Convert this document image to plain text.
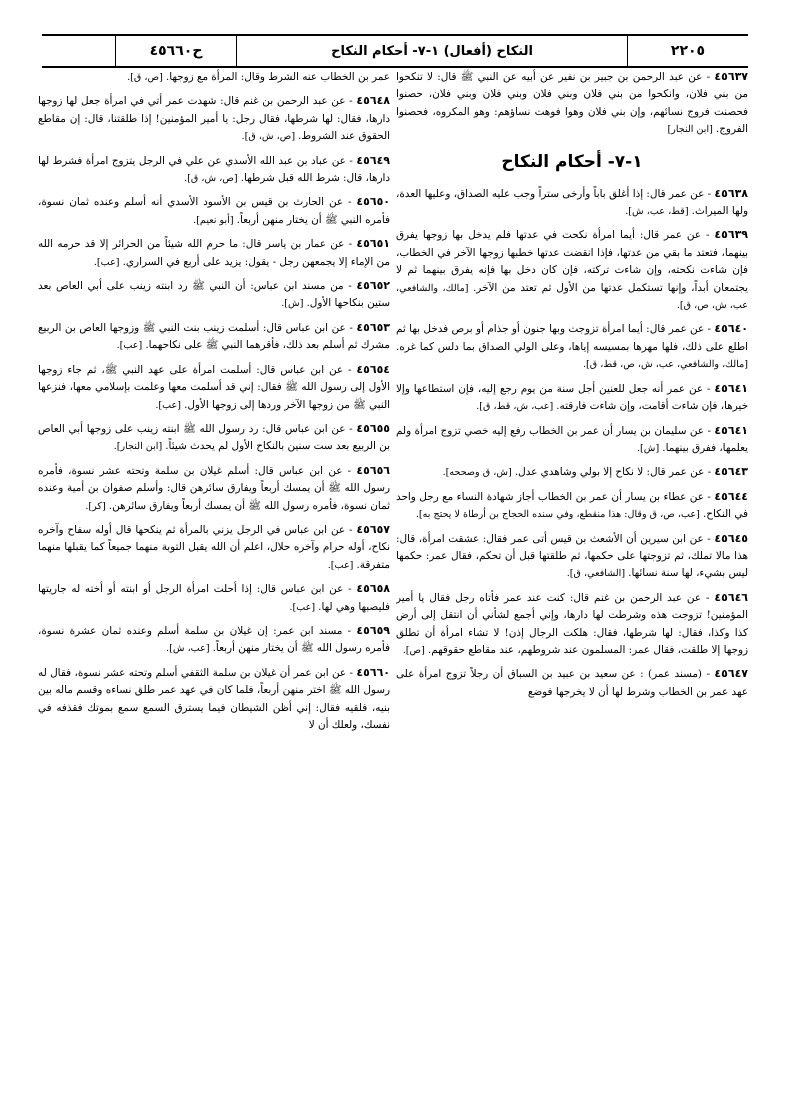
٢٢٠٥
النكاح (أفعال) ١-٧- أحكام النكاح
ح٤٥٦٦٠

٤٥٦٣٧ - عن عبد الرحمن بن جبير بن نفير عن أبيه عن النبي ﷺ قال: لا تنكحوا من بني فلان، وانكحوا من بني فلان وبني فلان وبني فلان وبني فلان، حصنوا فحصنت فروج نسائهم، وإن بني فلان وهوا فوهت نساؤهم: وهو المكروه، فحصنوا الفروج. [ابن النجار]

١-٧- أحكام النكاح

٤٥٦٣٨ - عن عمر قال: إذا أغلق باباً وأرخى ستراً وجب عليه الصداق، وعليها العدة، ولها الميراث. [قط، عب، ش].

٤٥٦٣٩ - عن عمر قال: أيما امرأة نكحت في عدتها فلم يدخل بها زوجها يفرق بينهما، فتعتد ما بقي من عدتها، فإذا انقضت عدتها خطبها زوجها الآخر في الخطاب، فإن شاءت نكحته، وإن شاءت تركته، فإن كان دخل بها فإنه يفرق بينهما ثم لا يجتمعان أبداً، وإنها تستكمل عدتها من الأول ثم تعتد من الآخر. [مالك، والشافعي، عب، ش، ص، ق].

٤٥٦٤٠ - عن عمر قال: أيما امرأة تزوجت وبها جنون أو جذام أو برص فدخل بها ثم اطلع على ذلك، فلها مهرها بمسيسه إياها، وعلى الولي الصداق بما دلس كما غره. [مالك، والشافعي، عب، ش، ص، قط، ق].

٤٥٦٤١ - عن عمر أنه جعل للعنين أجل سنة من يوم رجع إليه، فإن استطاعها وإلا خيرها، فإن شاءت أقامت، وإن شاءت فارقته. [عب، ش، قط، ق].

٤٥٦٤١ - عن سليمان بن يسار أن عمر بن الخطاب رفع إليه خصي تزوج امرأة ولم يعلمها، ففرق بينهما. [ش].

٤٥٦٤٣ - عن عمر قال: لا نكاح إلا بولي وشاهدي عدل. [ش، ق وصححه].

٤٥٦٤٤ - عن عطاء بن يسار أن عمر بن الخطاب أجاز شهادة النساء مع رجل واحد في النكاح. [عب، ص، ق وقال: هذا منقطع، وفي سنده الحجاج بن أرطاة لا يحتج به].

٤٥٦٤٥ - عن ابن سيرين أن الأشعث بن قيس أتى عمر فقال: عشقت امرأة، قال: هذا مالا تملك، ثم تزوجتها على حكمها، ثم طلقتها قبل أن تحكم، فقال عمر: حكمها ليس بشيء، لها سنة نسائها. [الشافعي، ق].

٤٥٦٤٦ - عن عبد الرحمن بن غنم قال: كنت عند عمر فأتاه رجل فقال يا أمير المؤمنين! تزوجت هذه وشرطت لها دارها، وإني أجمع لشأني أن انتقل إلى أرض كذا وكذا، فقال: لها شرطها، فقال: هلكت الرجال إذن! لا تشاء امرأة أن تطلق زوجها إلا طلقت، فقال عمر: المسلمون عند شروطهم، عند مقاطع حقوقهم. [ص].

٤٥٦٤٧ - (مسند عمر) : عن سعيد بن عبيد بن السباق أن رجلاً تزوج امرأة على عهد عمر بن الخطاب وشرط لها أن لا يخرجها فوضع

عمر بن الخطاب عنه الشرط وقال: المرأة مع زوجها. [ص، ق].

٤٥٦٤٨ - عن عبد الرحمن بن غنم قال: شهدت عمر أتي في امرأة جعل لها زوجها دارها، فقال: لها شرطها، فقال رجل: يا أمير المؤمنين! إذا طلقتنا، قال: إن مقاطع الحقوق عند الشروط. [ص، ش، ق].

٤٥٦٤٩ - عن عباد بن عبد الله الأسدي عن علي في الرجل يتزوج امرأة فشرط لها دارها، قال: شرط الله قبل شرطها. [ص، ش، ق].

٤٥٦٥٠ - عن الحارث بن قيس بن الأسود الأسدي أنه أسلم وعنده ثمان نسوة، فأمره النبي ﷺ أن يختار منهن أربعاً. [أبو نعيم].

٤٥٦٥١ - عن عمار بن ياسر قال: ما حرم الله شيئاً من الحرائر إلا قد حرمه الله من الإماء إلا يجمعهن رجل - يقول: يزيد على أربع في السراري. [عب].

٤٥٦٥٢ - من مسند ابن عباس: أن النبي ﷺ رد ابنته زينب على أبي العاص بعد ستين بنكاحها الأول. [ش].

٤٥٦٥٣ - عن ابن عباس قال: أسلمت زينب بنت النبي ﷺ وزوجها العاص بن الربيع مشرك ثم أسلم بعد ذلك، فأقرهما النبي ﷺ على نكاحهما. [عب].

٤٥٦٥٤ - عن ابن عباس قال: أسلمت امرأة على عهد النبي ﷺ، ثم جاء زوجها الأول إلى رسول الله ﷺ فقال: إني قد أسلمت معها وعلمت بإسلامي معها، فنزعها النبي ﷺ من زوجها الآخر وردها إلى زوجها الأول. [عب].

٤٥٦٥٥ - عن ابن عباس قال: رد رسول الله ﷺ ابنته زينب على زوجها أبي العاص بن الربيع بعد ست سنين بالنكاح الأول لم يحدث شيئاً. [ابن النجار].

٤٥٦٥٦ - عن ابن عباس قال: أسلم غيلان بن سلمة وتحته عشر نسوة، فأمره رسول الله ﷺ أن يمسك أربعاً ويفارق سائرهن قال: وأسلم صفوان بن أمية وعنده ثمان نسوة، فأمره رسول الله ﷺ أن يمسك أربعاً ويفارق سائرهن. [كر].

٤٥٦٥٧ - عن ابن عباس في الرجل يزني بالمرأة ثم ينكحها قال أوله سفاح وآخره نكاح، أوله حرام وآخره حلال، اعلم أن الله يقبل التوبة منهما جميعاً كما يقبلها منهما متفرقة. [عب].

٤٥٦٥٨ - عن ابن عباس قال: إذا أحلت امرأة الرجل أو ابنته أو أخته له جاريتها فليصبها وهي لها. [عب].

٤٥٦٥٩ - مسند ابن عمر: إن غيلان بن سلمة أسلم وعنده ثمان عشرة نسوة، فأمره رسول الله ﷺ أن يختار منهن أربعاً. [عب، ش].

٤٥٦٦٠ - عن ابن عمر أن غيلان بن سلمة الثقفي أسلم وتحته عشر نسوة، فقال له رسول الله ﷺ اختر منهن أربعاً، فلما كان في عهد عمر طلق نساءه وقسم ماله بين بنيه، فلقيه فقال: إني أظن الشيطان فيما يسترق السمع سمع بموتك فقذفه في نفسك، ولعلك أن لا
